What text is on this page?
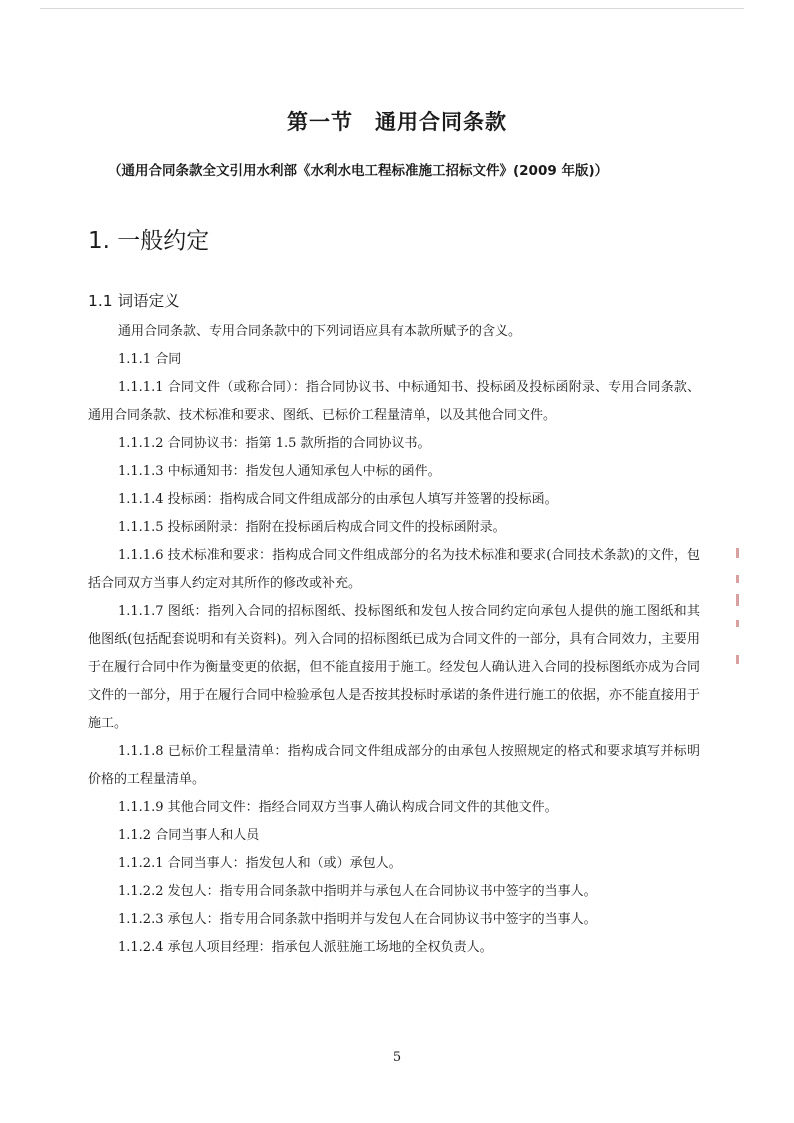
第一节　通用合同条款
（通用合同条款全文引用水利部《水利水电工程标准施工招标文件》(2009 年版)）
1. 一般约定
1.1 词语定义

通用合同条款、专用合同条款中的下列词语应具有本款所赋予的含义。

1.1.1 合同

1.1.1.1 合同文件（或称合同）：指合同协议书、中标通知书、投标函及投标函附录、专用合同条款、通用合同条款、技术标准和要求、图纸、已标价工程量清单，以及其他合同文件。

1.1.1.2 合同协议书：指第 1.5 款所指的合同协议书。

1.1.1.3 中标通知书：指发包人通知承包人中标的函件。

1.1.1.4 投标函：指构成合同文件组成部分的由承包人填写并签署的投标函。

1.1.1.5 投标函附录：指附在投标函后构成合同文件的投标函附录。

1.1.1.6 技术标准和要求：指构成合同文件组成部分的名为技术标准和要求(合同技术条款)的文件，包括合同双方当事人约定对其所作的修改或补充。

1.1.1.7 图纸：指列入合同的招标图纸、投标图纸和发包人按合同约定向承包人提供的施工图纸和其他图纸(包括配套说明和有关资料)。列入合同的招标图纸已成为合同文件的一部分，具有合同效力，主要用于在履行合同中作为衡量变更的依据，但不能直接用于施工。经发包人确认进入合同的投标图纸亦成为合同文件的一部分，用于在履行合同中检验承包人是否按其投标时承诺的条件进行施工的依据，亦不能直接用于施工。

1.1.1.8 已标价工程量清单：指构成合同文件组成部分的由承包人按照规定的格式和要求填写并标明价格的工程量清单。

1.1.1.9 其他合同文件：指经合同双方当事人确认构成合同文件的其他文件。

1.1.2 合同当事人和人员

1.1.2.1 合同当事人：指发包人和（或）承包人。

1.1.2.2 发包人：指专用合同条款中指明并与承包人在合同协议书中签字的当事人。

1.1.2.3 承包人：指专用合同条款中指明并与发包人在合同协议书中签字的当事人。

1.1.2.4 承包人项目经理：指承包人派驻施工场地的全权负责人。

5
